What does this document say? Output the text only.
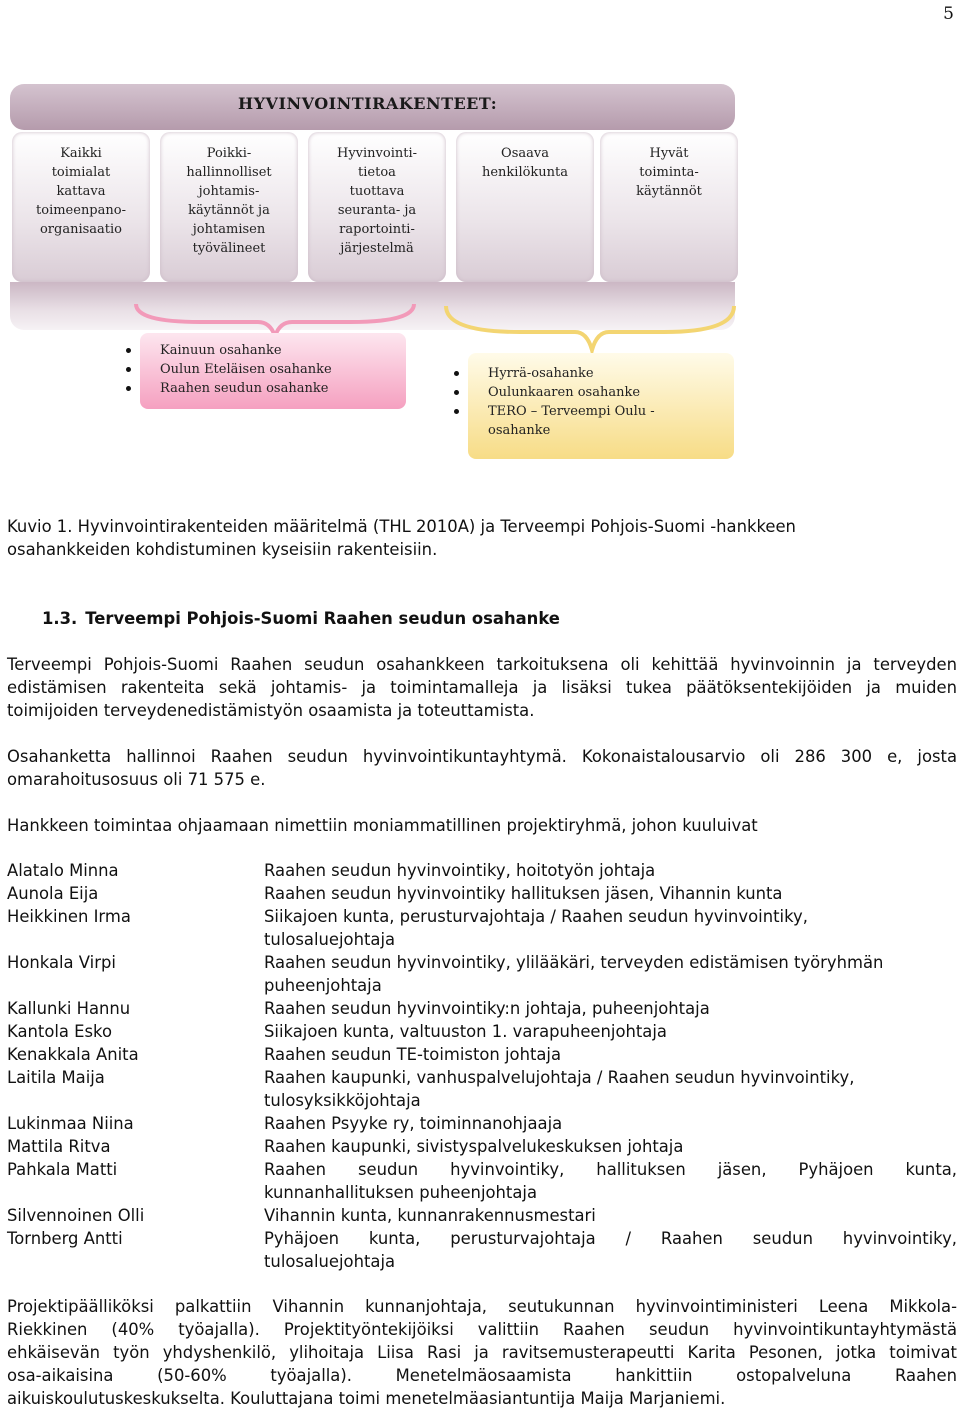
5
HYVINVOINTIRAKENTEET:
Kaikki
toimialat
kattava
toimeenpano-
organisaatio
Poikki-
hallinnolliset
johtamis-
käytännöt ja
johtamisen
työvälineet
Hyvinvointi-
tietoa
tuottava
seuranta- ja
raportointi-
järjestelmä
Osaava
henkilökunta
Hyvät
toiminta-
käytännöt
Kainuun osahanke
Oulun Eteläisen osahanke
Raahen seudun osahanke
Hyrrä-osahanke
Oulunkaaren osahanke
TERO – Terveempi Oulu -
osahanke
Kuvio 1. Hyvinvointirakenteiden määritelmä (THL 2010A) ja Terveempi Pohjois-Suomi -hankkeen
osahankkeiden kohdistuminen kyseisiin rakenteisiin.
1.3. Terveempi Pohjois-Suomi Raahen seudun osahanke
Terveempi Pohjois-Suomi Raahen seudun osahankkeen tarkoituksena oli kehittää hyvinvoinnin ja terveyden
edistämisen rakenteita sekä johtamis- ja toimintamalleja ja lisäksi tukea päätöksentekijöiden ja muiden
toimijoiden terveydenedistämistyön osaamista ja toteuttamista.
Osahanketta hallinnoi Raahen seudun hyvinvointikuntayhtymä. Kokonaistalousarvio oli 286 300 e, josta
omarahoitusosuus oli 71 575 e.
Hankkeen toimintaa ohjaamaan nimettiin moniammatillinen projektiryhmä, johon kuuluivat
Alatalo Minna	Raahen seudun hyvinvointiky, hoitotyön johtaja
Aunola Eija	Raahen seudun hyvinvointiky hallituksen jäsen, Vihannin kunta
Heikkinen Irma	Siikajoen kunta, perusturvajohtaja / Raahen seudun hyvinvointiky,
tulosaluejohtaja
Honkala Virpi	Raahen seudun hyvinvointiky, ylilääkäri, terveyden edistämisen työryhmän
puheenjohtaja
Kallunki Hannu	Raahen seudun hyvinvointiky:n johtaja, puheenjohtaja
Kantola Esko	Siikajoen kunta, valtuuston 1. varapuheenjohtaja
Kenakkala Anita	Raahen seudun TE-toimiston johtaja
Laitila Maija	Raahen kaupunki, vanhuspalvelujohtaja / Raahen seudun hyvinvointiky,
tulosyksikköjohtaja
Lukinmaa Niina	Raahen Psyyke ry, toiminnanohjaaja
Mattila Ritva	Raahen kaupunki, sivistyspalvelukeskuksen johtaja
Pahkala Matti	Raahen seudun hyvinvointiky, hallituksen jäsen, Pyhäjoen kunta,
kunnanhallituksen puheenjohtaja
Silvennoinen Olli	Vihannin kunta, kunnanrakennusmestari
Tornberg Antti	Pyhäjoen kunta, perusturvajohtaja / Raahen seudun hyvinvointiky,
tulosaluejohtaja
Projektipäälliköksi palkattiin Vihannin kunnanjohtaja, seutukunnan hyvinvointiministeri Leena Mikkola-
Riekkinen (40% työajalla). Projektityöntekijöiksi valittiin Raahen seudun hyvinvointikuntayhtymästä
ehkäisevän työn yhdyshenkilö, ylihoitaja Liisa Rasi ja ravitsemusterapeutti Karita Pesonen, jotka toimivat
osa-aikaisina (50-60% työajalla). Menetelmäosaamista hankittiin ostopalveluna Raahen
aikuiskoulutuskeskukselta. Kouluttajana toimi menetelmäasiantuntija Maija Marjaniemi.
